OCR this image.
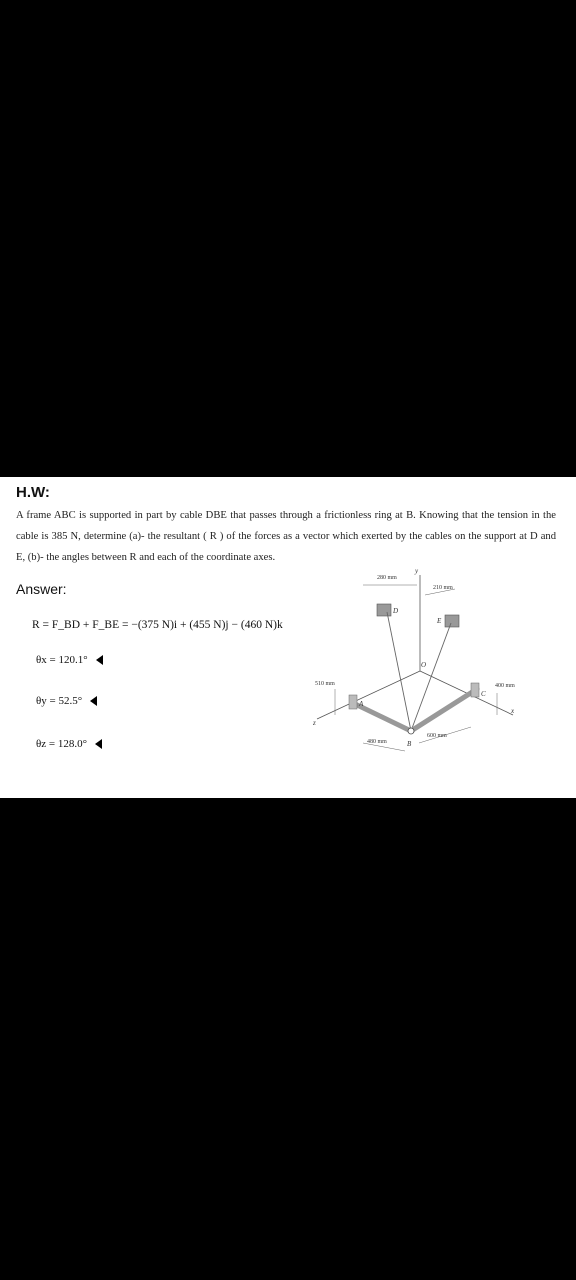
H.W:
A frame ABC is supported in part by cable DBE that passes through a frictionless ring at B. Knowing that the tension in the cable is 385 N, determine (a)- the resultant ( R ) of the forces as a vector which exerted by the cables on the support at D and E, (b)- the angles between R and each of the coordinate axes.
Answer:
R = F_BD + F_BE = −(375 N)i + (455 N)j − (460 N)k
θx = 120.1°
θy = 52.5°
θz = 128.0°
280 mm
210 mm
510 mm	400 mm
480 mm
600 mm
y
x
z
D
E
O
A
B
C
